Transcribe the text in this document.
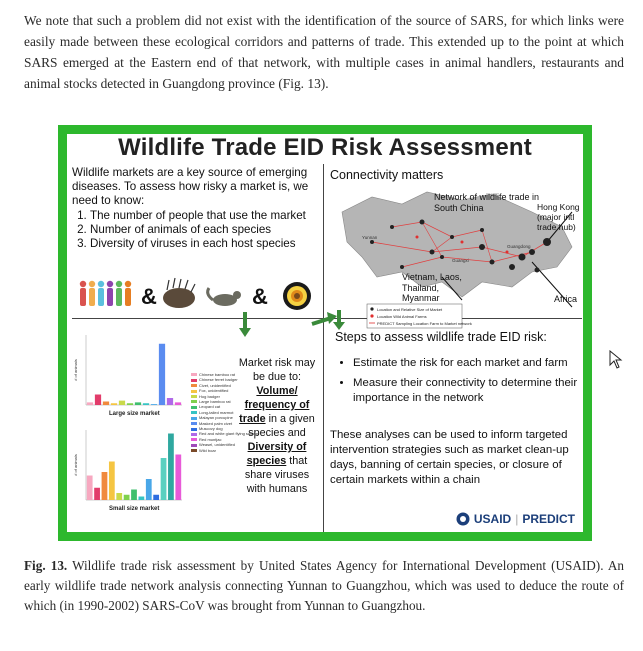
We note that such a problem did not exist with the identification of the source of SARS, for which links were easily made between these ecological corridors and patterns of trade. This extended up to the point at which SARS emerged at the Eastern end of that network, with multiple cases in animal handlers, restaurants and animal stocks detected in Guangdong province (Fig. 13).
Wildlife Trade EID Risk Assessment
Wildlife markets are a key source of emerging diseases. To assess how risky a market is, we need to know:
1. The number of people that use the market
2. Number of animals of each species
3. Diversity of viruses in each host species
&	&
Connectivity matters
Location and Relative Size of Market
Location Wild Animal Farms
PREDICT Sampling Location Farm to Market network
Yunnan
Guangxi
Guangdong
Network of wildlife trade in South China	Hong Kong (major intl trade hub)
Vietnam, Laos, Thailand, Myanmar	Africa
# of animals
Large size market
# of animals
Small size market
Chinese bamboo rat
Chinese ferret badger
Civet, unidentified
Fox, unidentified
Hog badger
Large bamboo rat
Leopard cat
Long-tailed marmot
Malayan porcupine
Masked palm civet
Muscovy dog
Red and white giant flying squirrel
Red muntjac
Weasel, unidentified
Wild boar
Market risk may be due to:
Volume/ frequency of trade in a given species and
Diversity of species that share viruses with humans
Steps to assess wildlife trade EID risk:
• Estimate the risk for each market and farm
• Measure their connectivity to determine their importance in the network
These analyses can be used to inform targeted intervention strategies such as market clean-up days, banning of certain species, or closure of certain markets within a chain
USAID | PREDICT
Fig. 13. Wildlife trade risk assessment by United States Agency for International Development (USAID). An early wildlife trade network analysis connecting Yunnan to Guangzhou, which was used to deduce the route of which (in 1990-2002) SARS-CoV was brought from Yunnan to Guangzhou.
